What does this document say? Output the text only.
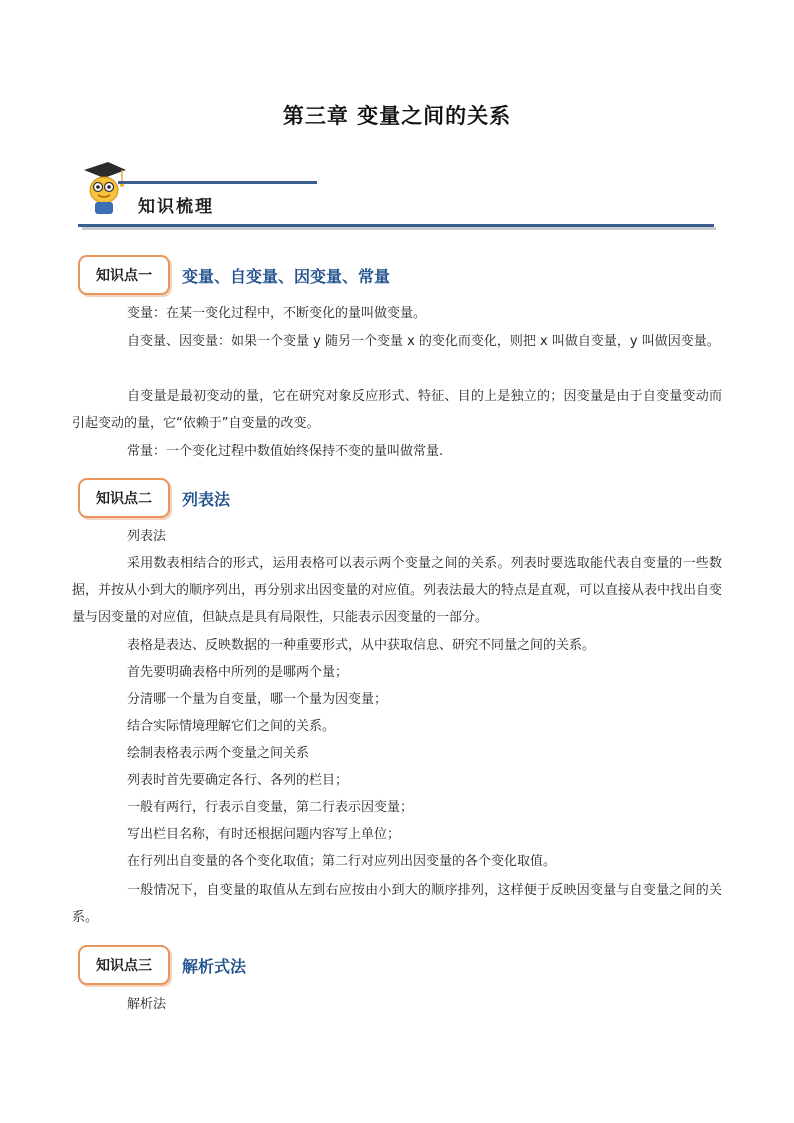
第三章 变量之间的关系
知识梳理
知识点一	变量、自变量、因变量、常量
变量：在某一变化过程中，不断变化的量叫做变量。
自变量、因变量：如果一个变量 y 随另一个变量 x 的变化而变化，则把 x 叫做自变量，y 叫做因变量。
自变量是最初变动的量，它在研究对象反应形式、特征、目的上是独立的；因变量是由于自变量变动而引起变动的量，它“依赖于”自变量的改变。
常量：一个变化过程中数值始终保持不变的量叫做常量.
知识点二	列表法
列表法
采用数表相结合的形式，运用表格可以表示两个变量之间的关系。列表时要选取能代表自变量的一些数据，并按从小到大的顺序列出，再分别求出因变量的对应值。列表法最大的特点是直观，可以直接从表中找出自变量与因变量的对应值，但缺点是具有局限性，只能表示因变量的一部分。
表格是表达、反映数据的一种重要形式，从中获取信息、研究不同量之间的关系。
首先要明确表格中所列的是哪两个量；
分清哪一个量为自变量，哪一个量为因变量；
结合实际情境理解它们之间的关系。
绘制表格表示两个变量之间关系
列表时首先要确定各行、各列的栏目；
一般有两行，行表示自变量，第二行表示因变量；
写出栏目名称，有时还根据问题内容写上单位；
在行列出自变量的各个变化取值；第二行对应列出因变量的各个变化取值。
一般情况下，自变量的取值从左到右应按由小到大的顺序排列，这样便于反映因变量与自变量之间的关系。
知识点三	解析式法
解析法
